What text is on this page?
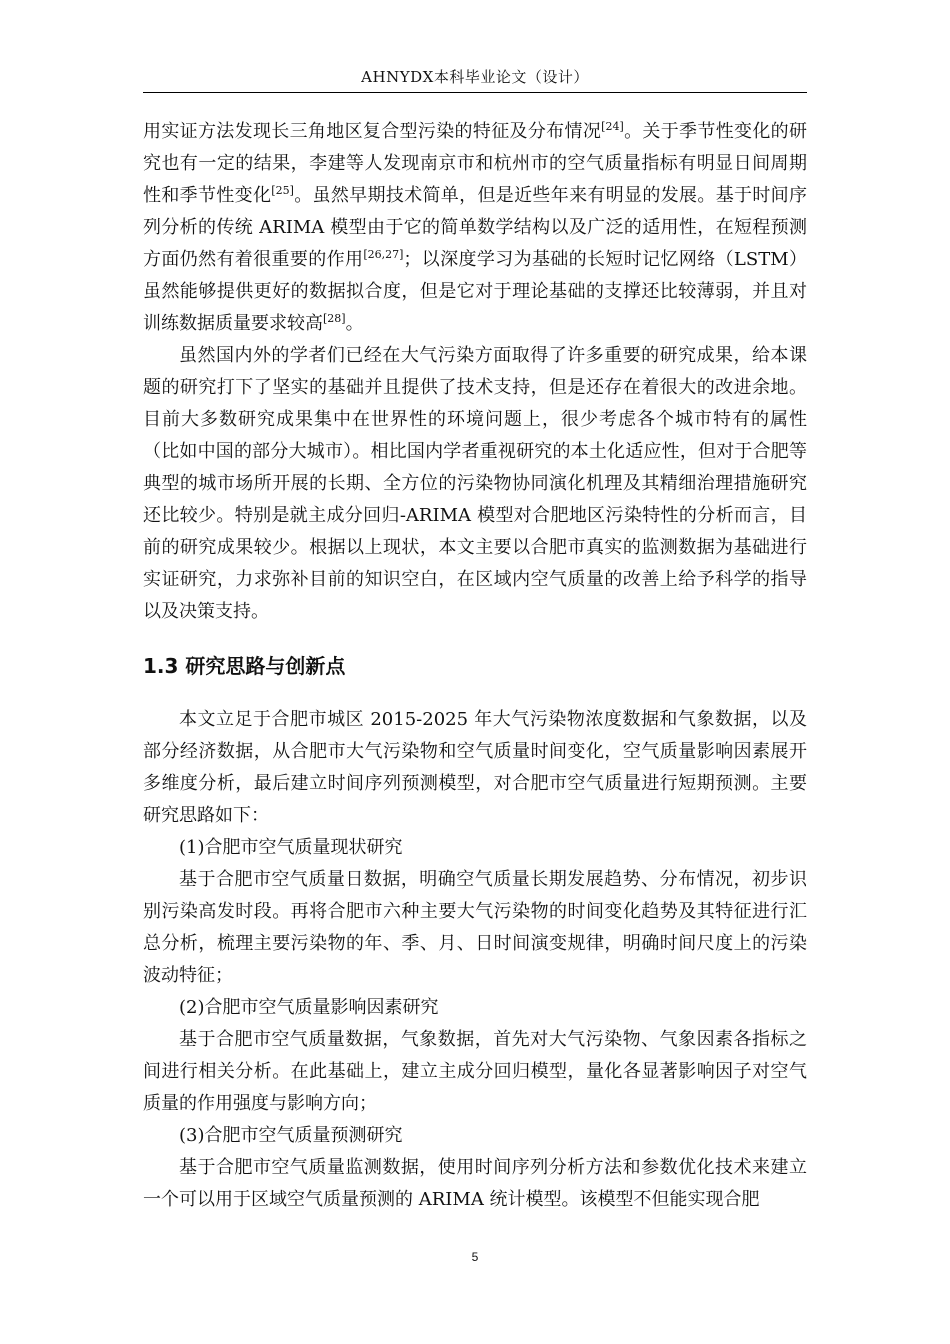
AHNYDX本科毕业论文（设计）

用实证方法发现长三角地区复合型污染的特征及分布情况[24]。关于季节性变化的研究也有一定的结果，李建等人发现南京市和杭州市的空气质量指标有明显日间周期性和季节性变化[25]。虽然早期技术简单，但是近些年来有明显的发展。基于时间序列分析的传统 ARIMA 模型由于它的简单数学结构以及广泛的适用性，在短程预测方面仍然有着很重要的作用[26,27]；以深度学习为基础的长短时记忆网络（LSTM）虽然能够提供更好的数据拟合度，但是它对于理论基础的支撑还比较薄弱，并且对训练数据质量要求较高[28]。

虽然国内外的学者们已经在大气污染方面取得了许多重要的研究成果，给本课题的研究打下了坚实的基础并且提供了技术支持，但是还存在着很大的改进余地。目前大多数研究成果集中在世界性的环境问题上，很少考虑各个城市特有的属性（比如中国的部分大城市）。相比国内学者重视研究的本土化适应性，但对于合肥等典型的城市场所开展的长期、全方位的污染物协同演化机理及其精细治理措施研究还比较少。特别是就主成分回归-ARIMA 模型对合肥地区污染特性的分析而言，目前的研究成果较少。根据以上现状，本文主要以合肥市真实的监测数据为基础进行实证研究，力求弥补目前的知识空白，在区域内空气质量的改善上给予科学的指导以及决策支持。

1.3 研究思路与创新点

本文立足于合肥市城区 2015-2025 年大气污染物浓度数据和气象数据，以及部分经济数据，从合肥市大气污染物和空气质量时间变化，空气质量影响因素展开多维度分析，最后建立时间序列预测模型，对合肥市空气质量进行短期预测。主要研究思路如下：

(1)合肥市空气质量现状研究

基于合肥市空气质量日数据，明确空气质量长期发展趋势、分布情况，初步识别污染高发时段。再将合肥市六种主要大气污染物的时间变化趋势及其特征进行汇总分析，梳理主要污染物的年、季、月、日时间演变规律，明确时间尺度上的污染波动特征；

(2)合肥市空气质量影响因素研究

基于合肥市空气质量数据，气象数据，首先对大气污染物、气象因素各指标之间进行相关分析。在此基础上，建立主成分回归模型，量化各显著影响因子对空气质量的作用强度与影响方向；

(3)合肥市空气质量预测研究

基于合肥市空气质量监测数据，使用时间序列分析方法和参数优化技术来建立一个可以用于区域空气质量预测的 ARIMA 统计模型。该模型不但能实现合肥

5
